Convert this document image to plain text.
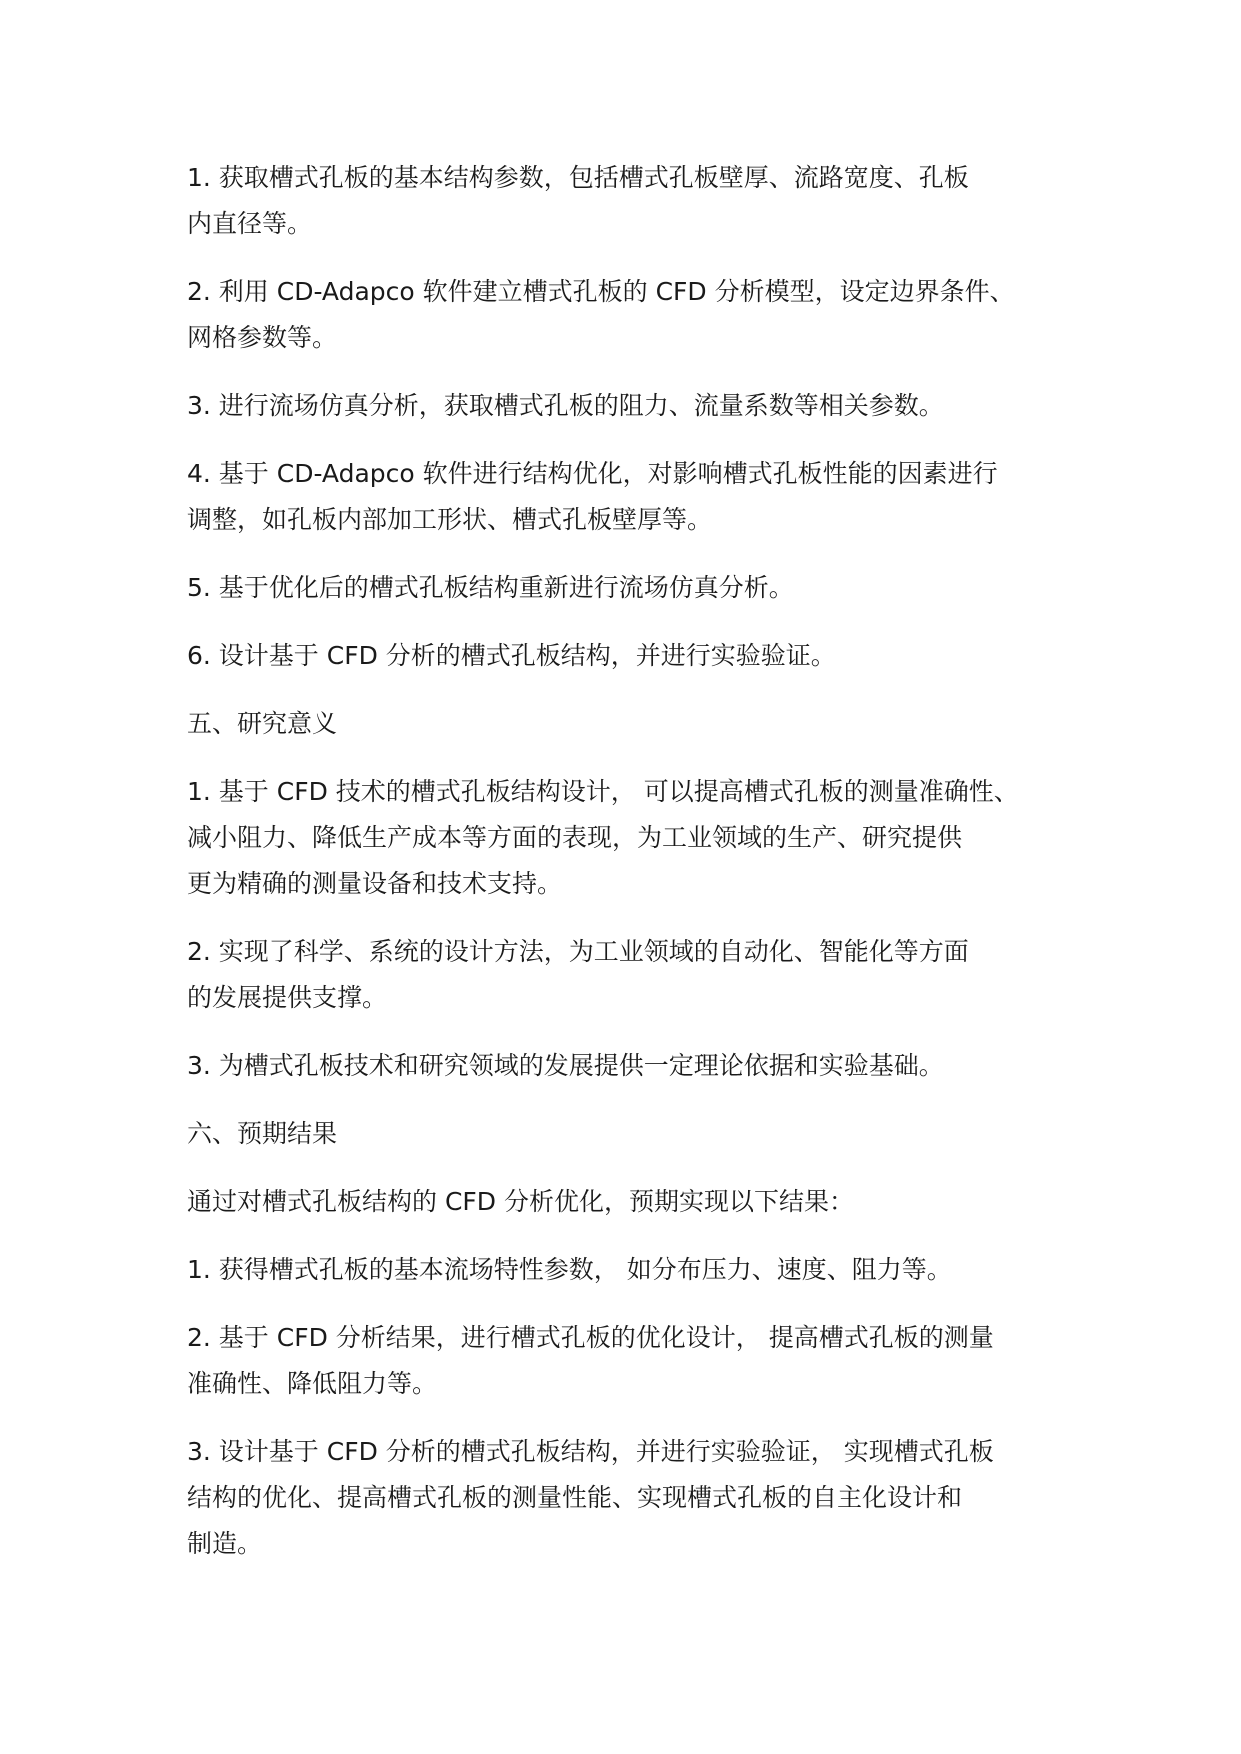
1. 获取槽式孔板的基本结构参数，包括槽式孔板壁厚、流路宽度、孔板
内直径等。

2. 利用 CD-Adapco 软件建立槽式孔板的 CFD 分析模型，设定边界条件、
网格参数等。

3. 进行流场仿真分析，获取槽式孔板的阻力、流量系数等相关参数。

4. 基于 CD-Adapco 软件进行结构优化，对影响槽式孔板性能的因素进行
调整，如孔板内部加工形状、槽式孔板壁厚等。

5. 基于优化后的槽式孔板结构重新进行流场仿真分析。

6. 设计基于 CFD 分析的槽式孔板结构，并进行实验验证。

五、研究意义

1. 基于 CFD 技术的槽式孔板结构设计， 可以提高槽式孔板的测量准确性、
减小阻力、降低生产成本等方面的表现，为工业领域的生产、研究提供
更为精确的测量设备和技术支持。

2. 实现了科学、系统的设计方法，为工业领域的自动化、智能化等方面
的发展提供支撑。

3. 为槽式孔板技术和研究领域的发展提供一定理论依据和实验基础。

六、预期结果

通过对槽式孔板结构的 CFD 分析优化，预期实现以下结果：

1. 获得槽式孔板的基本流场特性参数， 如分布压力、速度、阻力等。

2. 基于 CFD 分析结果，进行槽式孔板的优化设计， 提高槽式孔板的测量
准确性、降低阻力等。

3. 设计基于 CFD 分析的槽式孔板结构，并进行实验验证， 实现槽式孔板
结构的优化、提高槽式孔板的测量性能、实现槽式孔板的自主化设计和
制造。
